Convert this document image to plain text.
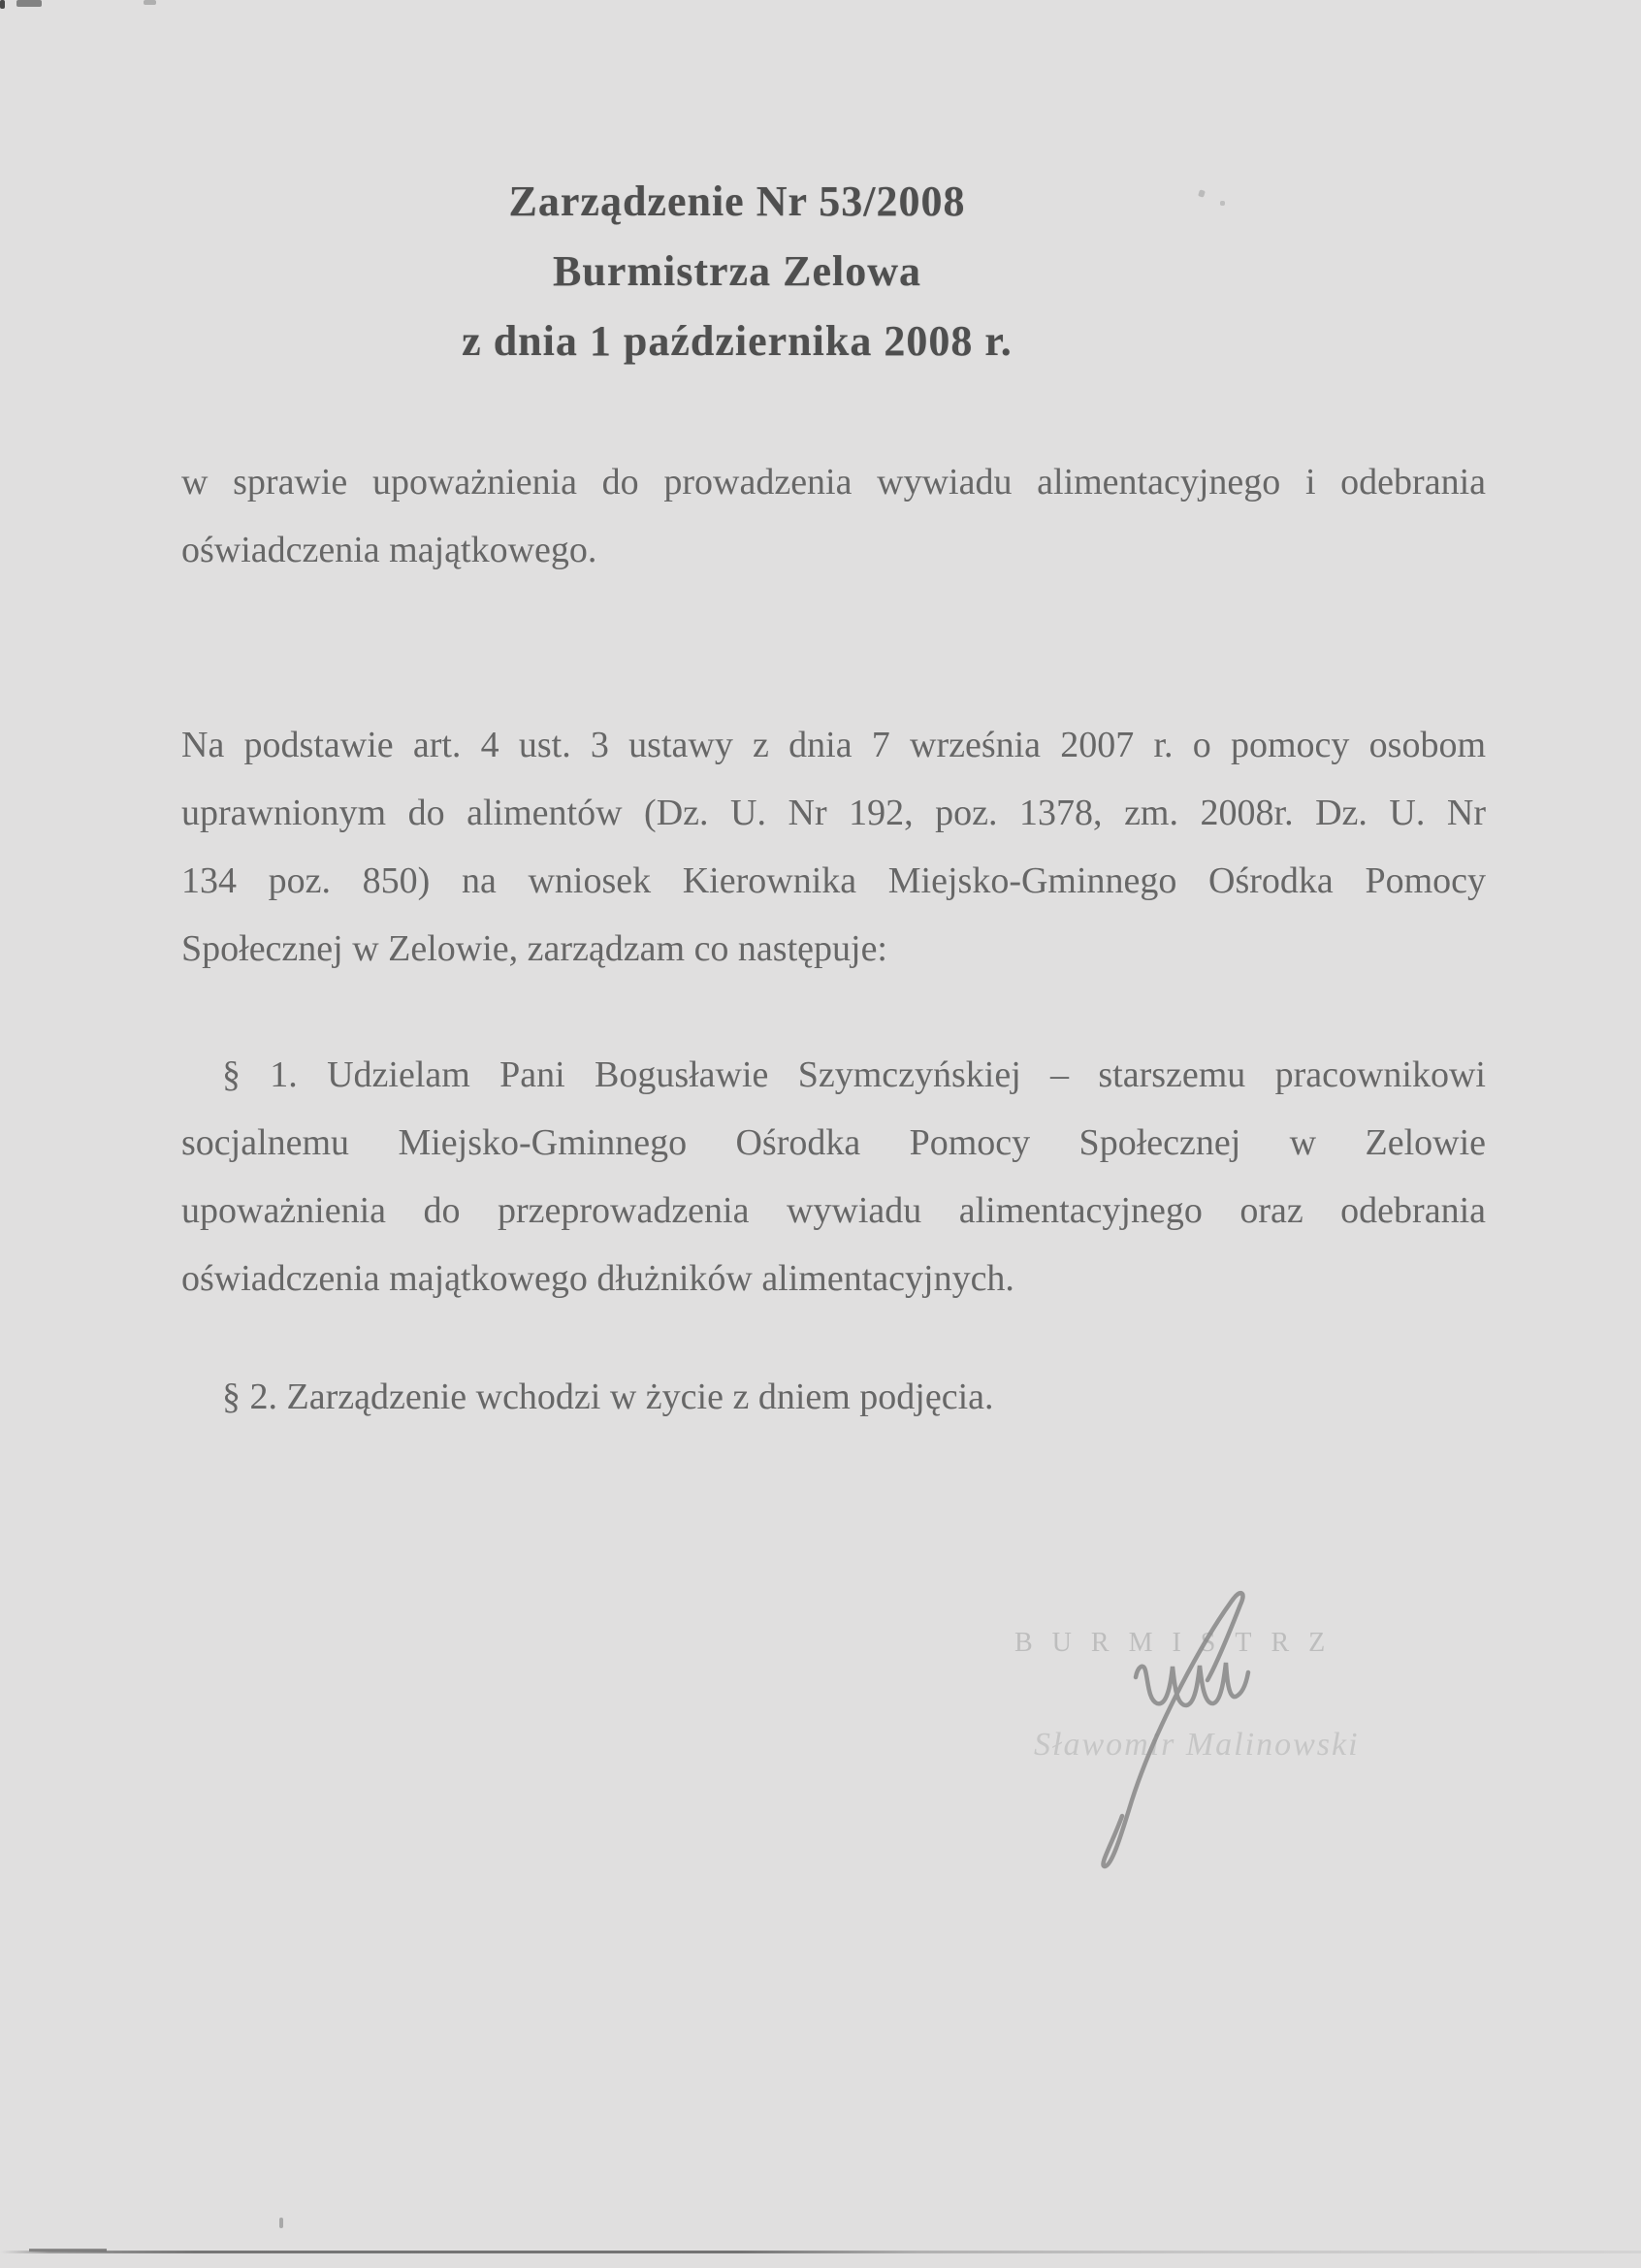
Zarządzenie Nr 53/2008
Burmistrza Zelowa
z dnia 1 października 2008 r.
w sprawie upoważnienia do prowadzenia wywiadu alimentacyjnego i odebrania
oświadczenia majątkowego.
Na podstawie art. 4 ust. 3 ustawy z dnia 7 września 2007 r. o pomocy osobom
uprawnionym do alimentów (Dz. U. Nr 192, poz. 1378, zm. 2008r. Dz. U. Nr
134 poz. 850) na wniosek Kierownika Miejsko-Gminnego Ośrodka Pomocy
Społecznej w Zelowie, zarządzam co następuje:
§ 1. Udzielam Pani Bogusławie Szymczyńskiej – starszemu pracownikowi
socjalnemu Miejsko-Gminnego Ośrodka Pomocy Społecznej w Zelowie
upoważnienia do przeprowadzenia wywiadu alimentacyjnego oraz odebrania
oświadczenia majątkowego dłużników alimentacyjnych.
§ 2. Zarządzenie wchodzi w życie z dniem podjęcia.
BURMISTRZ
Sławomir Malinowski
